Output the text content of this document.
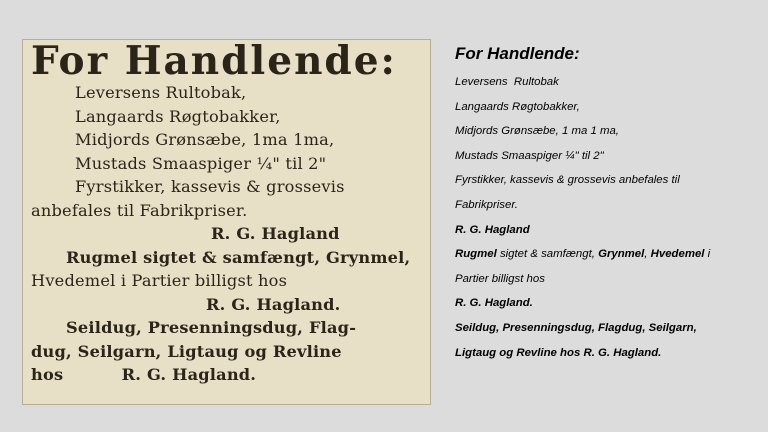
For Handlende:
Leversens Rultobak,
Langaards Røgtobakker,
Midjords Grønsæbe, 1ma 1ma,
Mustads Smaaspiger ¼" til 2"
Fyrstikker, kassevis & grossevis
anbefales til Fabrikpriser.
R. G. Hagland
Rugmel sigtet & samfængt, Grynmel,
Hvedemel i Partier billigst hos
R. G. Hagland.
Seildug, Presenningsdug, Flag-
dug, Seilgarn, Ligtaug og Revline
hos          R. G. Hagland.
For Handlende:
Leversens  Rultobak
Langaards Røgtobakker,
Midjords Grønsæbe, 1 ma 1 ma,
Mustads Smaaspiger ¼" til 2"
Fyrstikker, kassevis & grossevis anbefales til
Fabrikpriser.
R. G. Hagland
Rugmel sigtet & samfængt, Grynmel, Hvedemel i
Partier billigst hos
R. G. Hagland.
Seildug, Presenningsdug, Flagdug, Seilgarn,
Ligtaug og Revline hos R. G. Hagland.
